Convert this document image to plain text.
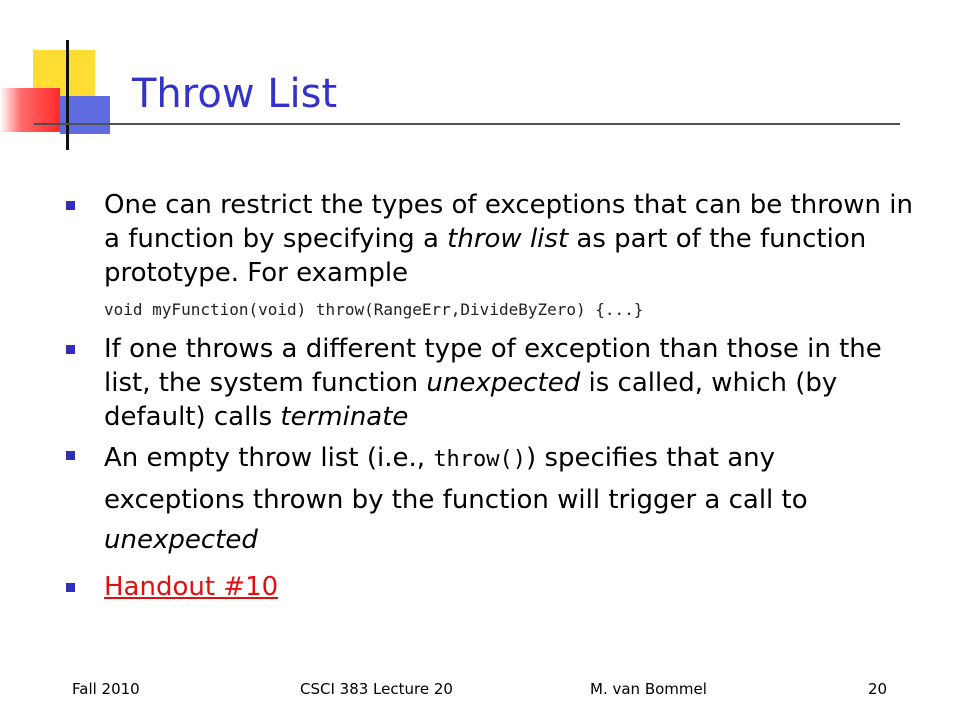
Throw List
One can restrict the types of exceptions that can be thrown in a function by specifying a throw list as part of the function prototype. For example
void myFunction(void) throw(RangeErr,DivideByZero) {...}
If one throws a different type of exception than those in the list, the system function unexpected is called, which (by default) calls terminate
An empty throw list (i.e., throw()) specifies that any exceptions thrown by the function will trigger a call to unexpected
Handout #10
Fall 2010	CSCI 383 Lecture 20	M. van Bommel	20
